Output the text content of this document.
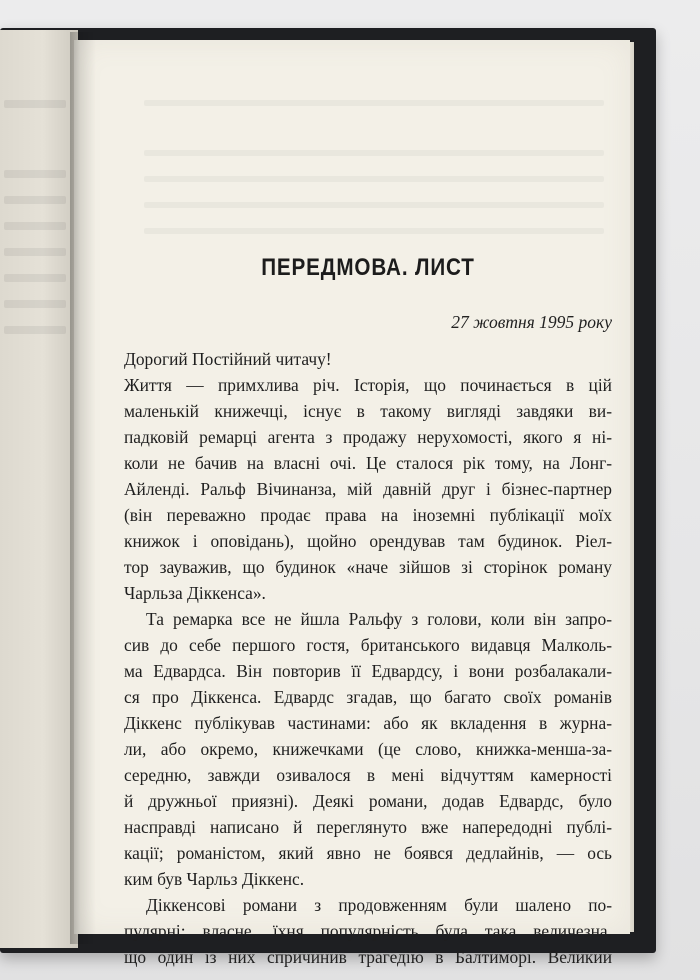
ПЕРЕДМОВА. ЛИСТ
27 жовтня 1995 року
Дорогий Постійний читачу!
Життя — примхлива річ. Історія, що починається в цій
маленькій книжечці, існує в такому вигляді завдяки ви-
падковій ремарці агента з продажу нерухомості, якого я ні-
коли не бачив на власні очі. Це сталося рік тому, на Лонг-
Айленді. Ральф Вічинанза, мій давній друг і бізнес-партнер
(він переважно продає права на іноземні публікації моїх
книжок і оповідань), щойно орендував там будинок. Ріел-
тор зауважив, що будинок «наче зійшов зі сторінок роману
Чарльза Діккенса».
Та ремарка все не йшла Ральфу з голови, коли він запро-
сив до себе першого гостя, британського видавця Малколь-
ма Едвардса. Він повторив її Едвардсу, і вони розбалакали-
ся про Діккенса. Едвардс згадав, що багато своїх романів
Діккенс публікував частинами: або як вкладення в журна-
ли, або окремо, книжечками (це слово, книжка-менша-за-
середню, завжди озивалося в мені відчуттям камерності
й дружньої приязні). Деякі романи, додав Едвардс, було
насправді написано й переглянуто вже напередодні публі-
кації; романістом, який явно не боявся дедлайнів, — ось
ким був Чарльз Діккенс.
Діккенсові романи з продовженням були шалено по-
пулярні; власне, їхня популярність була така величезна,
що один із них спричинив трагедію в Балтиморі. Великий
